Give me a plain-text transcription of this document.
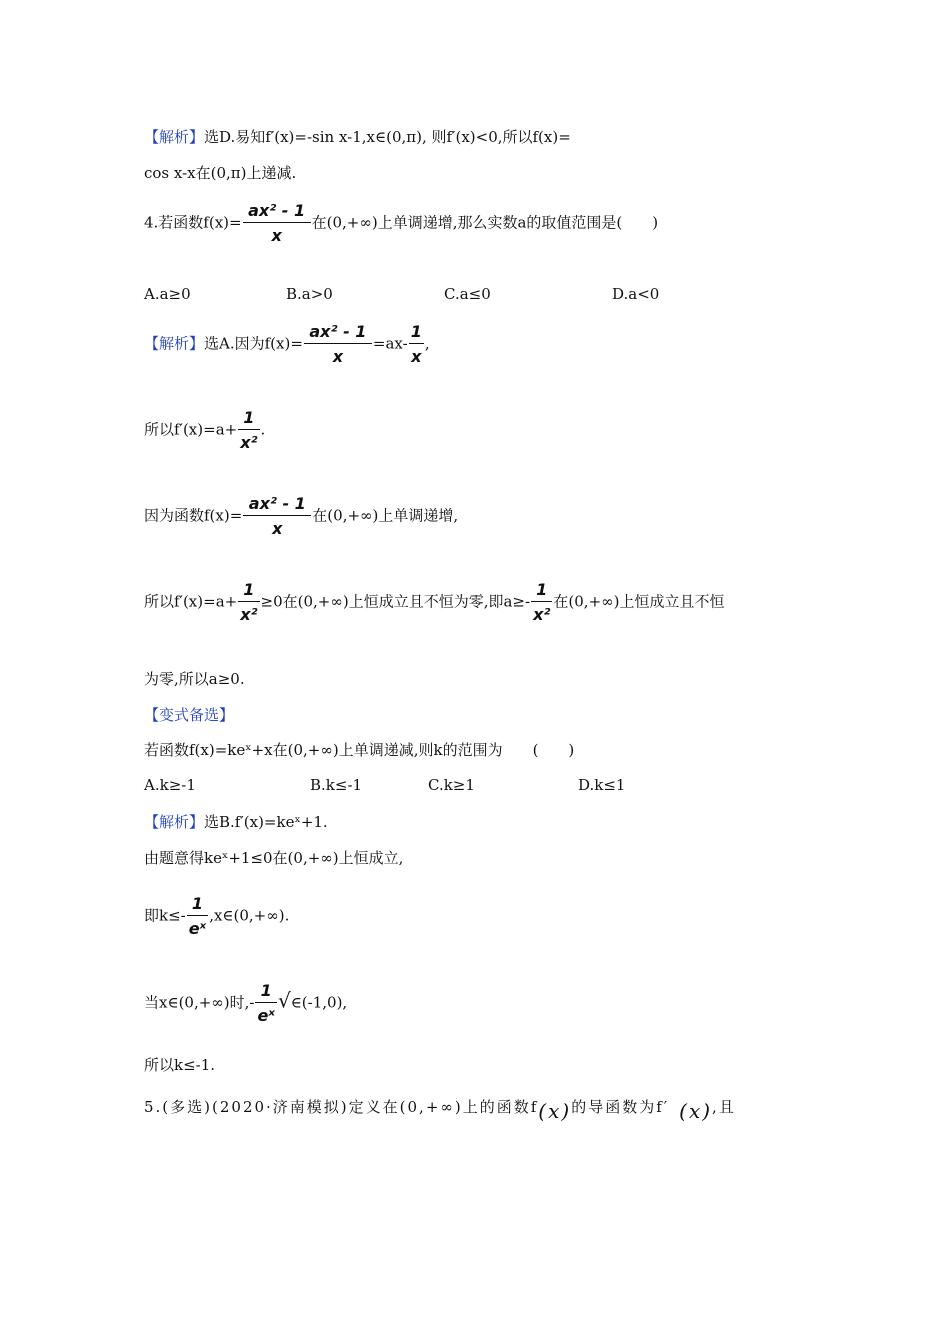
【解析】选D.易知f′(x)=-sin x-1,x∈(0,π), 则f′(x)<0,所以f(x)=
cos x-x在(0,π)上递减.
4.若函数$f(x)= \frac{\text{ax² - 1}}{x}$ 在(0,+∞)上单调递增,那么实数a的取值范围是(　　)
A.a≥0	B.a>0	C.a≤0	D.a<0
【解析】选A.因为$f(x)= \frac{\text{ax² - 1}}{x} =ax- \frac{1}{x}$ ,
所以$f'(x)=a+ \frac{1}{\text{x²}}$ .
因为函数$f(x)= \frac{\text{ax² - 1}}{x}$ 在(0,+∞)上单调递增,
所以$f'(x)=a+ \frac{1}{\text{x²}} \ge 0$在(0,+∞)上恒成立且不恒为零,即$a\ge- \frac{1}{\text{x²}}$ 在(0,+∞)上恒成立且不恒
为零,所以a≥0.
【变式备选】
若函数f(x)=keˣ+x在(0,+∞)上单调递减,则k的范围为　　(　　)
A.k≥-1	B.k≤-1	C.k≥1	D.k≤1
【解析】选B.f′(x)=keˣ+1.
由题意得keˣ+1≤0在(0,+∞)上恒成立,
即$k\le- \frac{1}{\text{eˣ}}$ ,x∈(0,+∞).
当x∈(0,+∞)时,- $\frac{1}{\text{eˣ}}$ √∈(-1,0),
所以k≤-1.
5.(多选)(2020·济南模拟)定义在(0,+∞)上的函数f(x)的导函数为f′ (x),且
